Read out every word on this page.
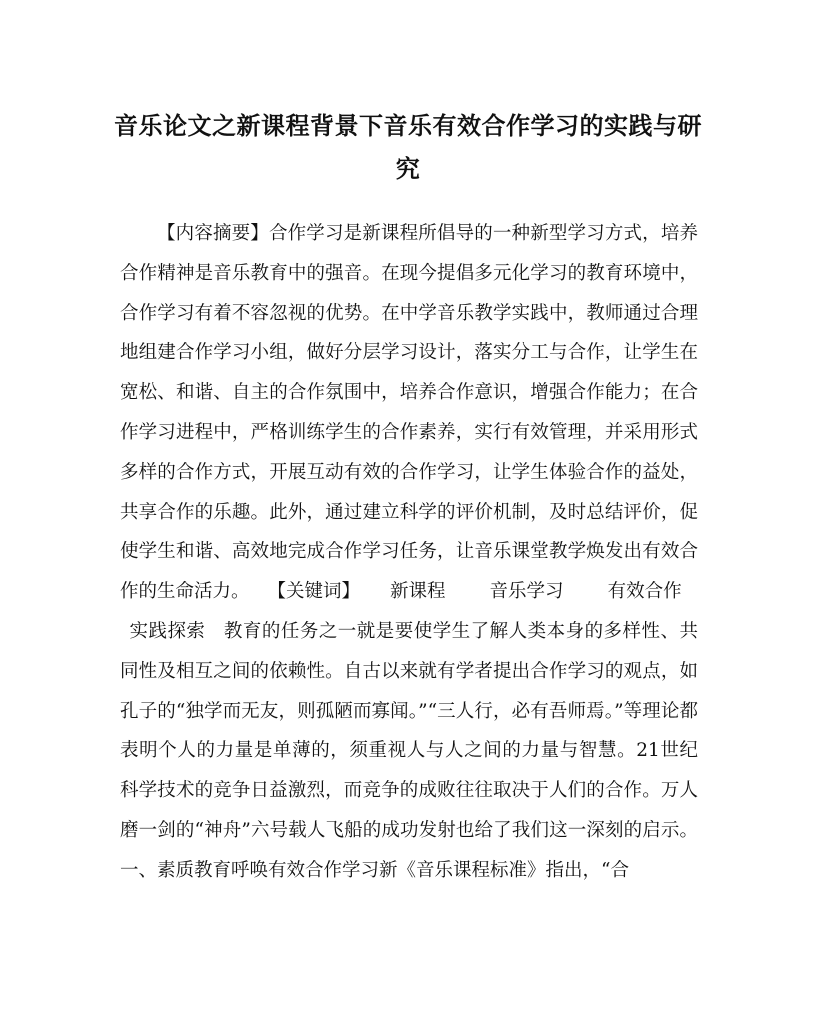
音乐论文之新课程背景下音乐有效合作学习的实践与研究

【内容摘要】合作学习是新课程所倡导的一种新型学习方式，培养合作精神是音乐教育中的强音。在现今提倡多元化学习的教育环境中，合作学习有着不容忽视的优势。在中学音乐教学实践中，教师通过合理地组建合作学习小组，做好分层学习设计，落实分工与合作，让学生在宽松、和谐、自主的合作氛围中，培养合作意识，增强合作能力；在合作学习进程中，严格训练学生的合作素养，实行有效管理，并采用形式多样的合作方式，开展互动有效的合作学习，让学生体验合作的益处，共享合作的乐趣。此外，通过建立科学的评价机制，及时总结评价，促使学生和谐、高效地完成合作学习任务，让音乐课堂教学焕发出有效合作的生命活力。 【关键词】 新课程 音乐学习 有效合作
实践探索 教育的任务之一就是要使学生了解人类本身的多样性、共同性及相互之间的依赖性。自古以来就有学者提出合作学习的观点，如孔子的“独学而无友，则孤陋而寡闻。”“三人行，必有吾师焉。”等理论都表明个人的力量是单薄的，须重视人与人之间的力量与智慧。21世纪科学技术的竞争日益激烈，而竞争的成败往往取决于人们的合作。万人磨一剑的“神舟”六号载人飞船的成功发射也给了我们这一深刻的启示。一、素质教育呼唤有效合作学习新《音乐课程标准》指出，“合
